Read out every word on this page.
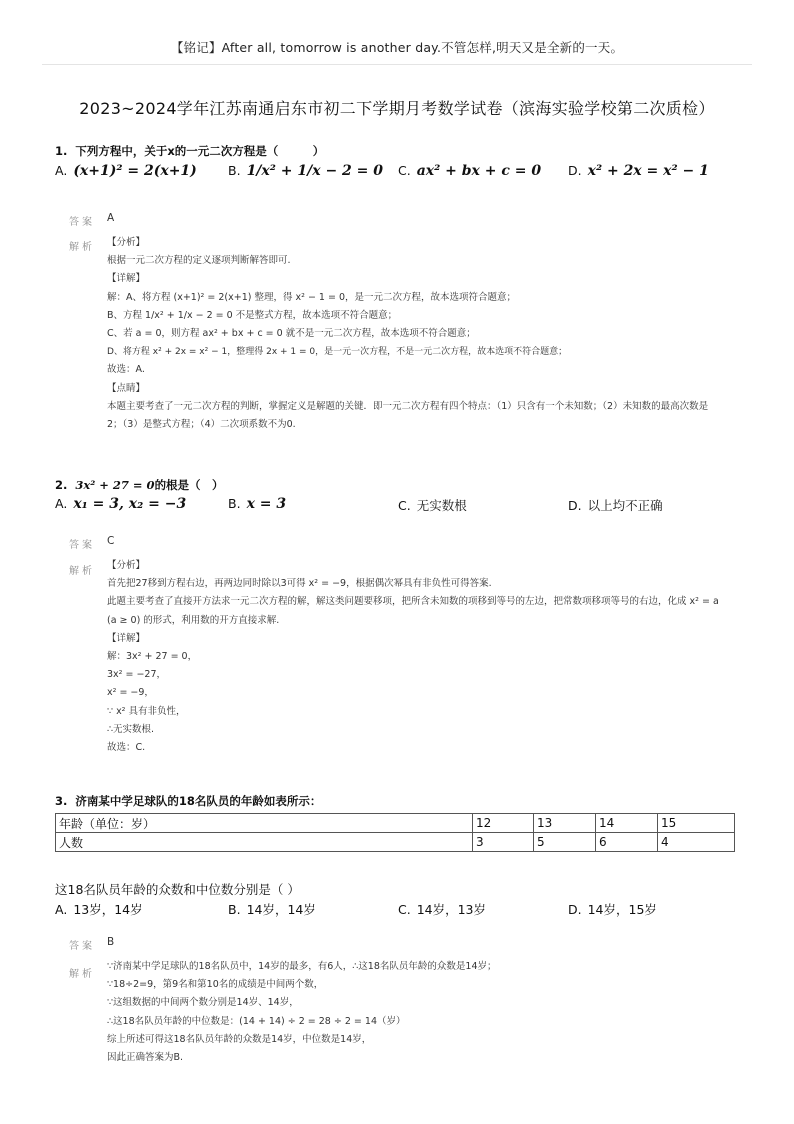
【铭记】After all, tomorrow is another day.不管怎样,明天又是全新的一天。
2023~2024学年江苏南通启东市初二下学期月考数学试卷（滨海实验学校第二次质检）
1. 下列方程中，关于x的一元二次方程是（　　　）
A. (x+1)² = 2(x+1) B. 1/x² + 1/x − 2 = 0 C. ax² + bx + c = 0 D. x² + 2x = x² − 1
答案 A
解析 【分析】
根据一元二次方程的定义逐项判断解答即可.
【详解】
解：A、将方程 (x+1)² = 2(x+1) 整理，得 x² − 1 = 0，是一元二次方程，故本选项符合题意；
B、方程 1/x² + 1/x − 2 = 0 不是整式方程，故本选项不符合题意；
C、若 a = 0，则方程 ax² + bx + c = 0 就不是一元二次方程，故本选项不符合题意；
D、将方程 x² + 2x = x² − 1，整理得 2x + 1 = 0，是一元一次方程，不是一元二次方程，故本选项不符合题意；
故选：A.
【点睛】
本题主要考查了一元二次方程的判断，掌握定义是解题的关键．即一元二次方程有四个特点：（1）只含有一个未知数；（2）未知数的最高次数是2；（3）是整式方程；（4）二次项系数不为0.
2. 3x² + 27 = 0的根是（　）
A. x₁ = 3, x₂ = −3	B. x = 3	C. 无实数根	D. 以上均不正确
答案 C
解析
【分析】
首先把27移到方程右边，再两边同时除以3可得 x² = −9，根据偶次幂具有非负性可得答案.
此题主要考查了直接开方法求一元二次方程的解，解这类问题要移项，把所含未知数的项移到等号的左边，把常数项移项等号的右边，化成 x² = a (a ≥ 0) 的形式，利用数的开方直接求解.
【详解】
解：3x² + 27 = 0，
3x² = −27，
x² = −9，
∵ x² 具有非负性，
∴无实数根.
故选：C.
3. 济南某中学足球队的18名队员的年龄如表所示：
年龄（单位：岁）	12	13	14	15
人数	3	5	6	4
这18名队员年龄的众数和中位数分别是（ ）
A. 13岁，14岁	B. 14岁，14岁	C. 14岁，13岁	D. 14岁，15岁
答案 B
解析
∵济南某中学足球队的18名队员中，14岁的最多，有6人，∴这18名队员年龄的众数是14岁；
∵18÷2=9，第9名和第10名的成绩是中间两个数，
∵这组数据的中间两个数分别是14岁、14岁，
∴这18名队员年龄的中位数是：(14 + 14) ÷ 2 = 28 ÷ 2 = 14（岁）
综上所述可得这18名队员年龄的众数是14岁，中位数是14岁，
因此正确答案为B.
